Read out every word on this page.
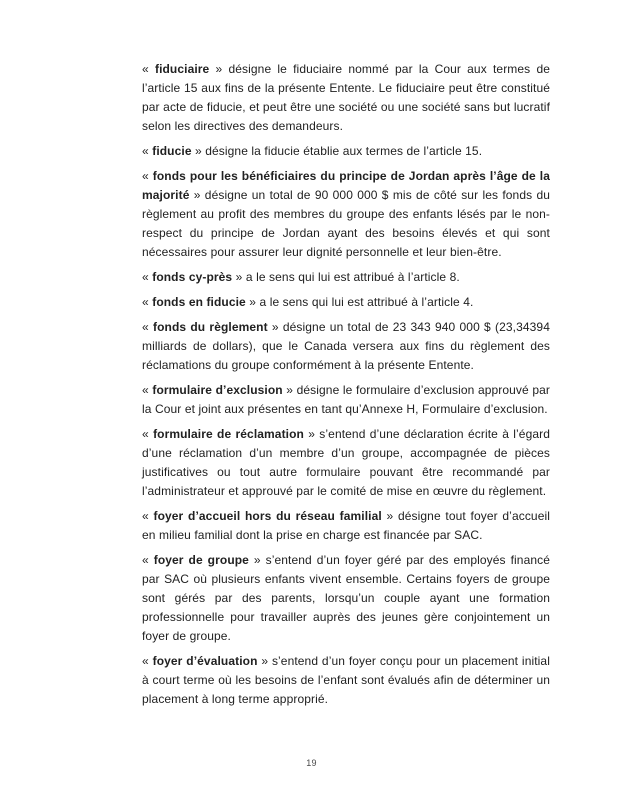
« fiduciaire » désigne le fiduciaire nommé par la Cour aux termes de l’article 15 aux fins de la présente Entente. Le fiduciaire peut être constitué par acte de fiducie, et peut être une société ou une société sans but lucratif selon les directives des demandeurs.

« fiducie » désigne la fiducie établie aux termes de l’article 15.

« fonds pour les bénéficiaires du principe de Jordan après l’âge de la majorité » désigne un total de 90 000 000 $ mis de côté sur les fonds du règlement au profit des membres du groupe des enfants lésés par le non-respect du principe de Jordan ayant des besoins élevés et qui sont nécessaires pour assurer leur dignité personnelle et leur bien-être.

« fonds cy-près » a le sens qui lui est attribué à l’article 8.

« fonds en fiducie » a le sens qui lui est attribué à l’article 4.

« fonds du règlement » désigne un total de 23 343 940 000 $ (23,34394 milliards de dollars), que le Canada versera aux fins du règlement des réclamations du groupe conformément à la présente Entente.

« formulaire d’exclusion » désigne le formulaire d’exclusion approuvé par la Cour et joint aux présentes en tant qu’Annexe H, Formulaire d’exclusion.

« formulaire de réclamation » s’entend d’une déclaration écrite à l’égard d’une réclamation d’un membre d’un groupe, accompagnée de pièces justificatives ou tout autre formulaire pouvant être recommandé par l’administrateur et approuvé par le comité de mise en œuvre du règlement.

« foyer d’accueil hors du réseau familial » désigne tout foyer d’accueil en milieu familial dont la prise en charge est financée par SAC.

« foyer de groupe » s’entend d’un foyer géré par des employés financé par SAC où plusieurs enfants vivent ensemble. Certains foyers de groupe sont gérés par des parents, lorsqu’un couple ayant une formation professionnelle pour travailler auprès des jeunes gère conjointement un foyer de groupe.

« foyer d’évaluation » s’entend d’un foyer conçu pour un placement initial à court terme où les besoins de l’enfant sont évalués afin de déterminer un placement à long terme approprié.

19
